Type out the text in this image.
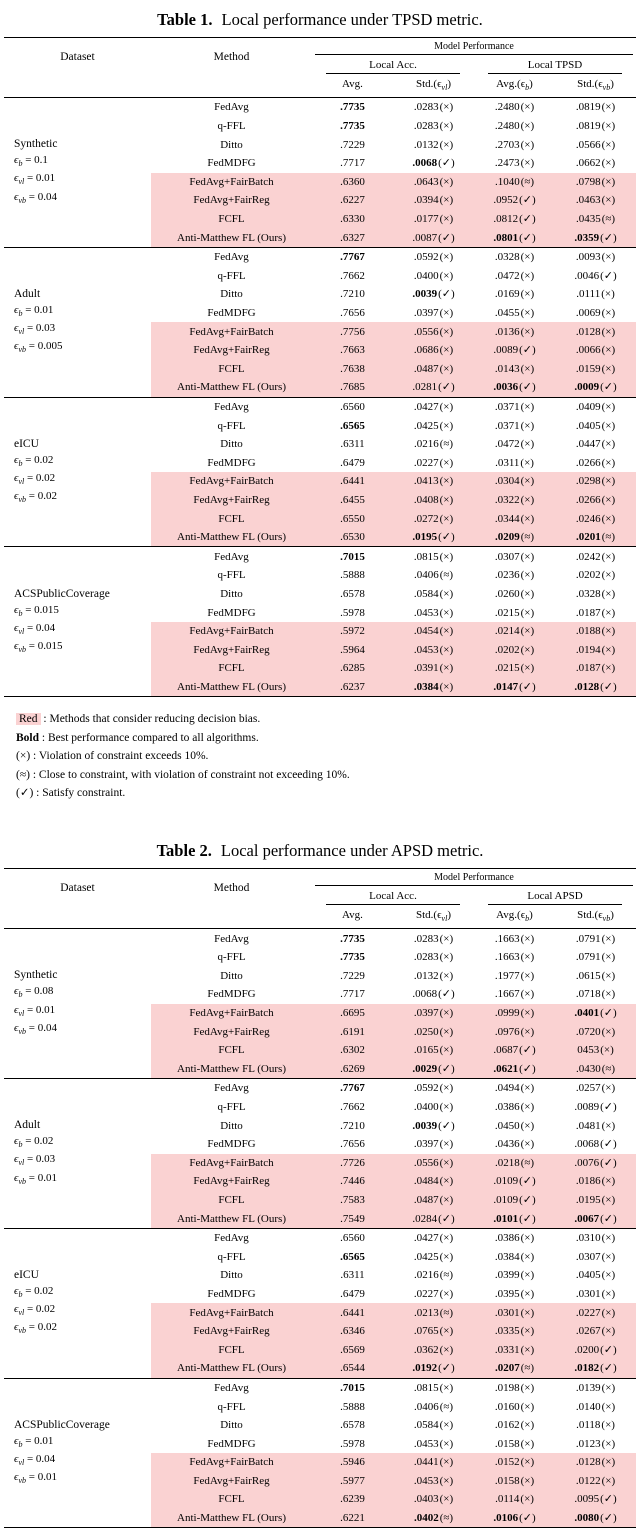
Table 1. Local performance under TPSD metric.
Dataset	Method	Model Performance			

		Local Acc.		Local TPSD	

		Avg.	$Std.(\epsilon_{vl})$	$Avg.(\epsilon_b)$	$Std.(\epsilon_{vb})$

Synthetic
$\epsilon_b = 0.1$
$\epsilon_{vl} = 0.01$
$\epsilon_{vb} = 0.04$	FedAvg	.7735	.0283(×)	.2480(×)	.0819(×)
	q-FFL	.7735	.0283(×)	.2480(×)	.0819(×)
	Ditto	.7229	.0132(×)	.2703(×)	.0566(×)
	FedMDFG	.7717	.0068(✓)	.2473(×)	.0662(×)
	FedAvg+FairBatch	.6360	.0643(×)	.1040(≈)	.0798(×)
	FedAvg+FairReg	.6227	.0394(×)	.0952(✓)	.0463(×)
	FCFL	.6330	.0177(×)	.0812(✓)	.0435(≈)
	Anti-Matthew FL (Ours)	.6327	.0087(✓)	.0801(✓)	.0359(✓)

Adult
$\epsilon_b = 0.01$
$\epsilon_{vl} = 0.03$
$\epsilon_{vb} = 0.005$	FedAvg	.7767	.0592(×)	.0328(×)	.0093(×)
	q-FFL	.7662	.0400(×)	.0472(×)	.0046(✓)
	Ditto	.7210	.0039(✓)	.0169(×)	.0111(×)
	FedMDFG	.7656	.0397(×)	.0455(×)	.0069(×)
	FedAvg+FairBatch	.7756	.0556(×)	.0136(×)	.0128(×)
	FedAvg+FairReg	.7663	.0686(×)	.0089(✓)	.0066(×)
	FCFL	.7638	.0487(×)	.0143(×)	.0159(×)
	Anti-Matthew FL (Ours)	.7685	.0281(✓)	.0036(✓)	.0009(✓)

eICU
$\epsilon_b = 0.02$
$\epsilon_{vl} = 0.02$
$\epsilon_{vb} = 0.02$	FedAvg	.6560	.0427(×)	.0371(×)	.0409(×)
	q-FFL	.6565	.0425(×)	.0371(×)	.0405(×)
	Ditto	.6311	.0216(≈)	.0472(×)	.0447(×)
	FedMDFG	.6479	.0227(×)	.0311(×)	.0266(×)
	FedAvg+FairBatch	.6441	.0413(×)	.0304(×)	.0298(×)
	FedAvg+FairReg	.6455	.0408(×)	.0322(×)	.0266(×)
	FCFL	.6550	.0272(×)	.0344(×)	.0246(×)
	Anti-Matthew FL (Ours)	.6530	.0195(✓)	.0209(≈)	.0201(≈)

ACSPublicCoverage
$\epsilon_b = 0.015$
$\epsilon_{vl} = 0.04$
$\epsilon_{vb} = 0.015$	FedAvg	.7015	.0815(×)	.0307(×)	.0242(×)
	q-FFL	.5888	.0406(≈)	.0236(×)	.0202(×)
	Ditto	.6578	.0584(×)	.0260(×)	.0328(×)
	FedMDFG	.5978	.0453(×)	.0215(×)	.0187(×)
	FedAvg+FairBatch	.5972	.0454(×)	.0214(×)	.0188(×)
	FedAvg+FairReg	.5964	.0453(×)	.0202(×)	.0194(×)
	FCFL	.6285	.0391(×)	.0215(×)	.0187(×)
	Anti-Matthew FL (Ours)	.6237	.0384(×)	.0147(✓)	.0128(✓)
Red : Methods that consider reducing decision bias.
Bold : Best performance compared to all algorithms.
(×) : Violation of constraint exceeds 10%.
(≈) : Close to constraint, with violation of constraint not exceeding 10%.
(✓) : Satisfy constraint.
Table 2. Local performance under APSD metric.
Dataset	Method	Model Performance			

		Local Acc.		Local APSD	

		Avg.	$Std.(\epsilon_{vl})$	$Avg.(\epsilon_b)$	$Std.(\epsilon_{vb})$

Synthetic
$\epsilon_b = 0.08$
$\epsilon_{vl} = 0.01$
$\epsilon_{vb} = 0.04$	FedAvg	.7735	.0283(×)	.1663(×)	.0791(×)
	q-FFL	.7735	.0283(×)	.1663(×)	.0791(×)
	Ditto	.7229	.0132(×)	.1977(×)	.0615(×)
	FedMDFG	.7717	.0068(✓)	.1667(×)	.0718(×)
	FedAvg+FairBatch	.6695	.0397(×)	.0999(×)	.0401(✓)
	FedAvg+FairReg	.6191	.0250(×)	.0976(×)	.0720(×)
	FCFL	.6302	.0165(×)	.0687(✓)	0453(×)
	Anti-Matthew FL (Ours)	.6269	.0029(✓)	.0621(✓)	.0430(≈)

Adult
$\epsilon_b = 0.02$
$\epsilon_{vl} = 0.03$
$\epsilon_{vb} = 0.01$	FedAvg	.7767	.0592(×)	.0494(×)	.0257(×)
	q-FFL	.7662	.0400(×)	.0386(×)	.0089(✓)
	Ditto	.7210	.0039(✓)	.0450(×)	.0481(×)
	FedMDFG	.7656	.0397(×)	.0436(×)	.0068(✓)
	FedAvg+FairBatch	.7726	.0556(×)	.0218(≈)	.0076(✓)
	FedAvg+FairReg	.7446	.0484(×)	.0109(✓)	.0186(×)
	FCFL	.7583	.0487(×)	.0109(✓)	.0195(×)
	Anti-Matthew FL (Ours)	.7549	.0284(✓)	.0101(✓)	.0067(✓)

eICU
$\epsilon_b = 0.02$
$\epsilon_{vl} = 0.02$
$\epsilon_{vb} = 0.02$	FedAvg	.6560	.0427(×)	.0386(×)	.0310(×)
	q-FFL	.6565	.0425(×)	.0384(×)	.0307(×)
	Ditto	.6311	.0216(≈)	.0399(×)	.0405(×)
	FedMDFG	.6479	.0227(×)	.0395(×)	.0301(×)
	FedAvg+FairBatch	.6441	.0213(≈)	.0301(×)	.0227(×)
	FedAvg+FairReg	.6346	.0765(×)	.0335(×)	.0267(×)
	FCFL	.6569	.0362(×)	.0331(×)	.0200(✓)
	Anti-Matthew FL (Ours)	.6544	.0192(✓)	.0207(≈)	.0182(✓)

ACSPublicCoverage
$\epsilon_b = 0.01$
$\epsilon_{vl} = 0.04$
$\epsilon_{vb} = 0.01$	FedAvg	.7015	.0815(×)	.0198(×)	.0139(×)
	q-FFL	.5888	.0406(≈)	.0160(×)	.0140(×)
	Ditto	.6578	.0584(×)	.0162(×)	.0118(×)
	FedMDFG	.5978	.0453(×)	.0158(×)	.0123(×)
	FedAvg+FairBatch	.5946	.0441(×)	.0152(×)	.0128(×)
	FedAvg+FairReg	.5977	.0453(×)	.0158(×)	.0122(×)
	FCFL	.6239	.0403(×)	.0114(×)	.0095(✓)
	Anti-Matthew FL (Ours)	.6221	.0402(≈)	.0106(✓)	.0080(✓)
